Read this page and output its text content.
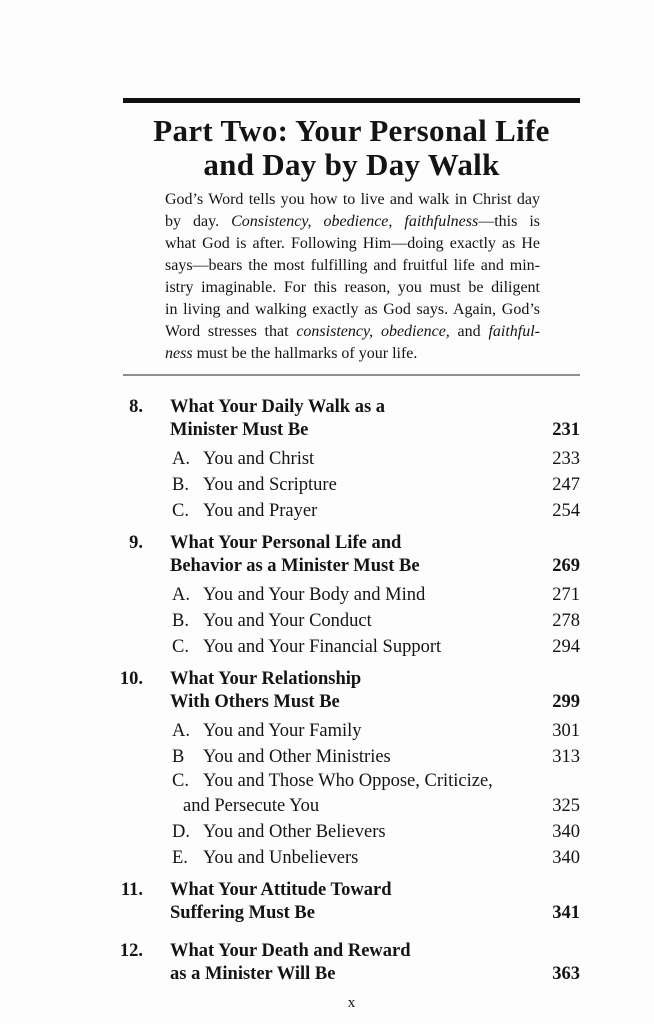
Part Two: Your Personal Life
and Day by Day Walk
God’s Word tells you how to live and walk in Christ day
by day. Consistency, obedience, faithfulness—this is
what God is after. Following Him—doing exactly as He
says—bears the most fulfilling and fruitful life and min-
istry imaginable. For this reason, you must be diligent
in living and walking exactly as God says. Again, God’s
Word stresses that consistency, obedience, and faithful-
ness must be the hallmarks of your life.
8. What Your Daily Walk as a
Minister Must Be	231
A. You and Christ	233
B. You and Scripture	247
C. You and Prayer	254
9. What Your Personal Life and
Behavior as a Minister Must Be	269
A. You and Your Body and Mind	271
B. You and Your Conduct	278
C. You and Your Financial Support	294
10. What Your Relationship
With Others Must Be	299
A. You and Your Family	301
B You and Other Ministries	313
C. You and Those Who Oppose, Criticize,
and Persecute You	325
D. You and Other Believers	340
E. You and Unbelievers	340
11. What Your Attitude Toward
Suffering Must Be	341
12. What Your Death and Reward
as a Minister Will Be	363
x
